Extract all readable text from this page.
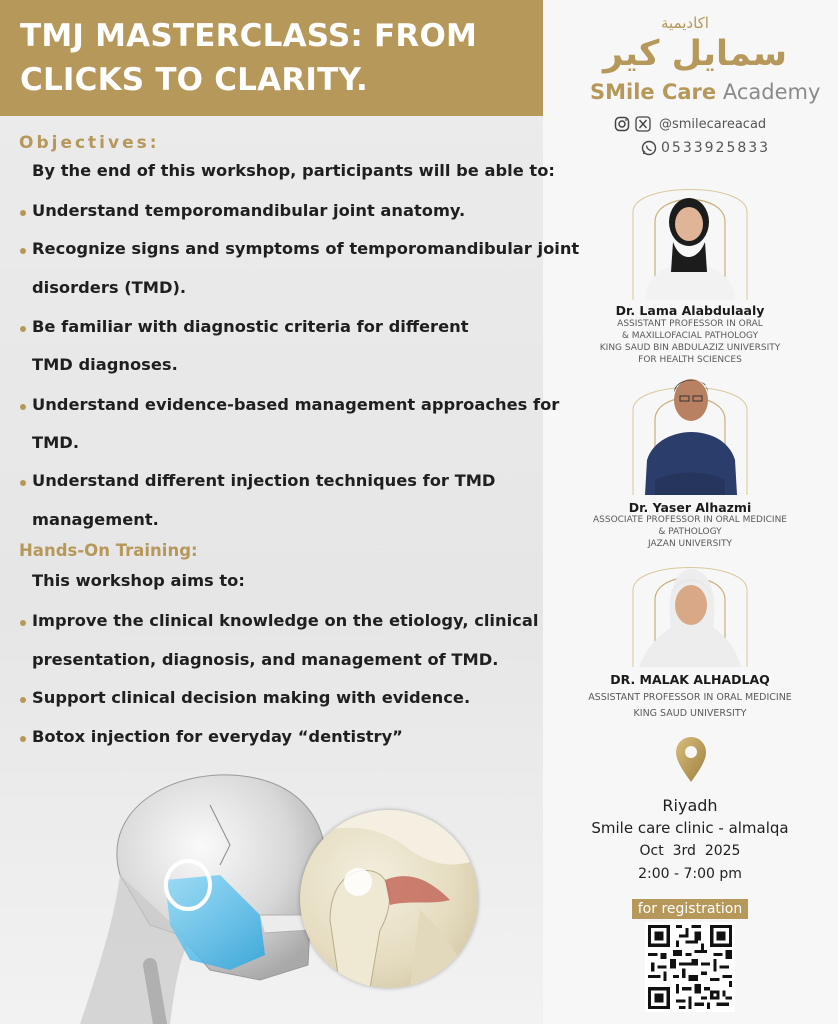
TMJ MASTERCLASS: FROM CLICKS TO CLARITY.
Objectives:
By the end of this workshop, participants will be able to:
Understand temporomandibular joint anatomy.
Recognize signs and symptoms of temporomandibular joint
disorders (TMD).
Be familiar with diagnostic criteria for different
TMD diagnoses.
Understand evidence-based management approaches for
TMD.
Understand different injection techniques for TMD
management.
Hands-On Training:
This workshop aims to:
Improve the clinical knowledge on the etiology, clinical
presentation, diagnosis, and management of TMD.
Support clinical decision making with evidence.
Botox injection for everyday “dentistry”
اكاديمية
سمايل كير
SMile Care Academy
@smilecareacad
0533925833
Dr. Lama Alabdulaaly
ASSISTANT PROFESSOR IN ORAL
& MAXILLOFACIAL PATHOLOGY
KING SAUD BIN ABDULAZIZ UNIVERSITY
FOR HEALTH SCIENCES
Dr. Yaser Alhazmi
ASSOCIATE PROFESSOR IN ORAL MEDICINE
& PATHOLOGY
JAZAN UNIVERSITY
DR. MALAK ALHADLAQ
ASSISTANT PROFESSOR IN ORAL MEDICINE
KING SAUD UNIVERSITY
Riyadh
Smile care clinic - almalqa
Oct  3rd  2025
2:00 - 7:00 pm
for registration
